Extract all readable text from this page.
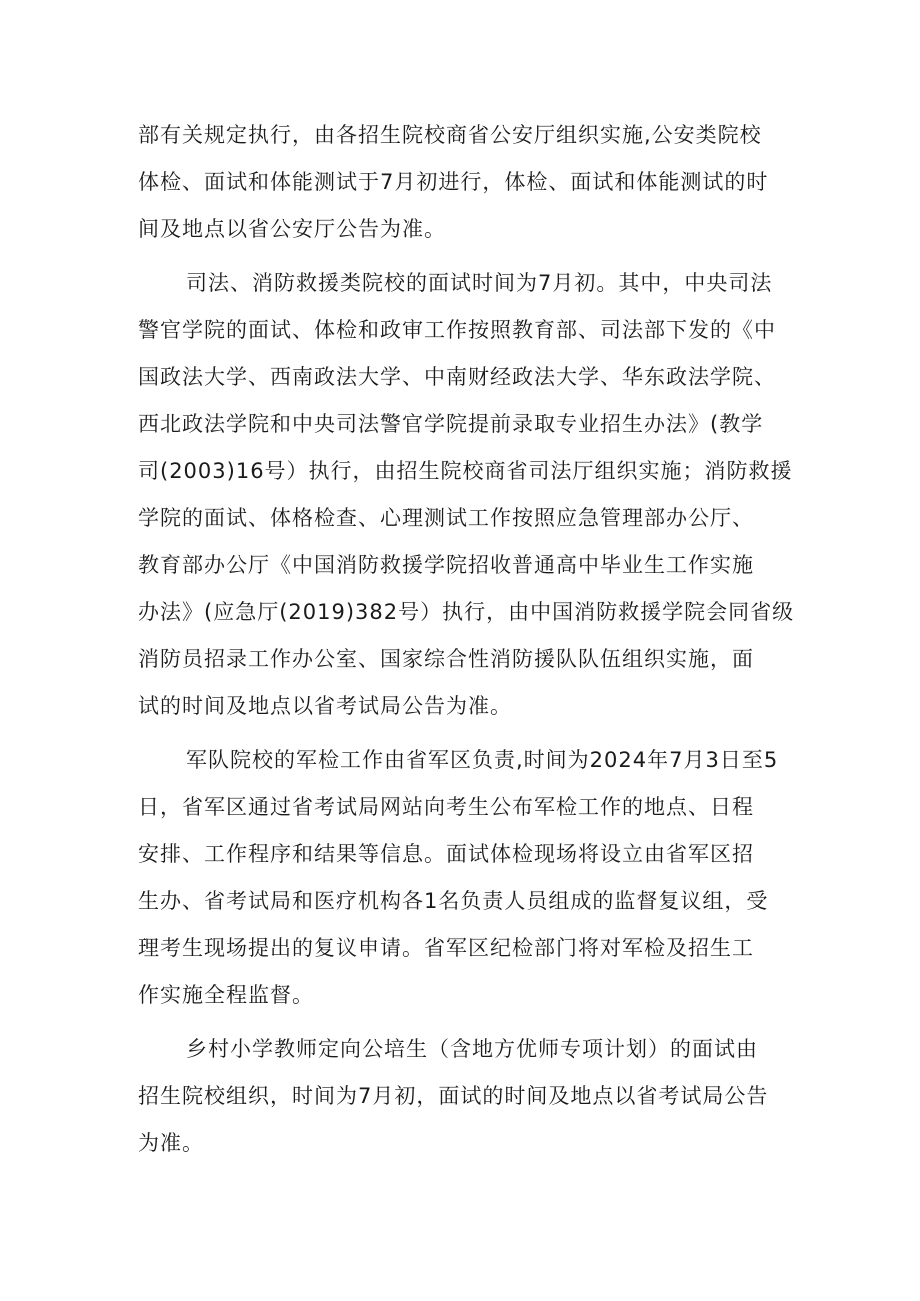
部有关规定执行，由各招生院校商省公安厅组织实施,公安类院校
体检、面试和体能测试于7月初进行，体检、面试和体能测试的时
间及地点以省公安厅公告为准。
司法、消防救援类院校的面试时间为7月初。其中，中央司法
警官学院的面试、体检和政审工作按照教育部、司法部下发的《中
国政法大学、西南政法大学、中南财经政法大学、华东政法学院、
西北政法学院和中央司法警官学院提前录取专业招生办法》(教学
司(2003)16号）执行，由招生院校商省司法厅组织实施；消防救援
学院的面试、体格检查、心理测试工作按照应急管理部办公厅、
教育部办公厅《中国消防救援学院招收普通高中毕业生工作实施
办法》(应急厅(2019)382号）执行，由中国消防救援学院会同省级
消防员招录工作办公室、国家综合性消防援队队伍组织实施，面
试的时间及地点以省考试局公告为准。
军队院校的军检工作由省军区负责,时间为2024年7月3日至5
日，省军区通过省考试局网站向考生公布军检工作的地点、日程
安排、工作程序和结果等信息。面试体检现场将设立由省军区招
生办、省考试局和医疗机构各1名负责人员组成的监督复议组，受
理考生现场提出的复议申请。省军区纪检部门将对军检及招生工
作实施全程监督。
乡村小学教师定向公培生（含地方优师专项计划）的面试由
招生院校组织，时间为7月初，面试的时间及地点以省考试局公告
为准。
